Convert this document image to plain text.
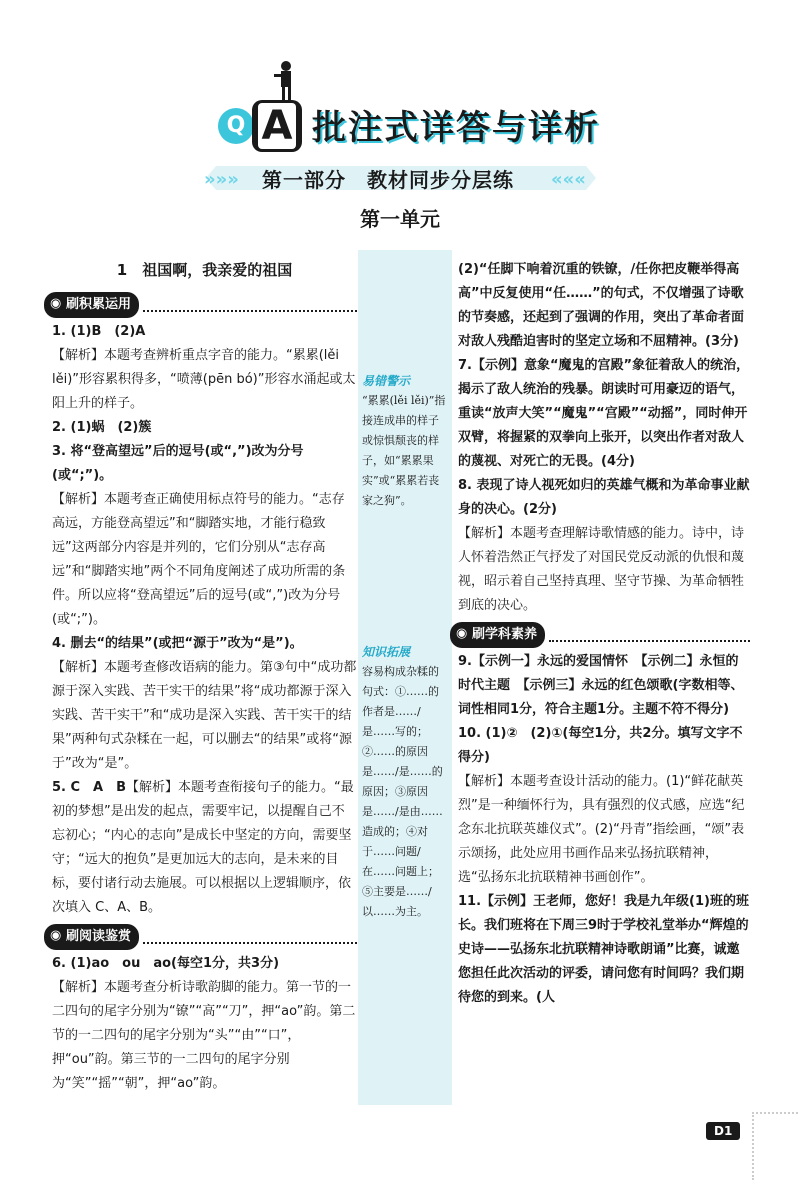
Q A 批注式详答与详析
»»»	«««
第一部分　教材同步分层练
第一单元

1　祖国啊，我亲爱的祖国

◉ 刷积累运用

1. (1)B　(2)A

【解析】本题考查辨析重点字音的能力。“累累(lěi lěi)”形容累积得多，“喷薄(pēn bó)”形容水涌起或太阳上升的样子。

2. (1)蜗　(2)簇

3. 将“登高望远”后的逗号(或“,”)改为分号(或“;”)。

【解析】本题考查正确使用标点符号的能力。“志存高远，方能登高望远”和“脚踏实地，才能行稳致远”这两部分内容是并列的，它们分别从“志存高远”和“脚踏实地”两个不同角度阐述了成功所需的条件。所以应将“登高望远”后的逗号(或“,”)改为分号(或“;”)。

4. 删去“的结果”(或把“源于”改为“是”)。

【解析】本题考查修改语病的能力。第③句中“成功都源于深入实践、苦干实干的结果”将“成功都源于深入实践、苦干实干”和“成功是深入实践、苦干实干的结果”两种句式杂糅在一起，可以删去“的结果”或将“源于”改为“是”。

5. C　A　B【解析】本题考查衔接句子的能力。“最初的梦想”是出发的起点，需要牢记，以提醒自己不忘初心；“内心的志向”是成长中坚定的方向，需要坚守；“远大的抱负”是更加远大的志向，是未来的目标，要付诸行动去施展。可以根据以上逻辑顺序，依次填入 C、A、B。

◉ 刷阅读鉴赏

6. (1)ao　ou　ao(每空1分，共3分)

【解析】本题考查分析诗歌韵脚的能力。第一节的一二四句的尾字分别为“镣”“高”“刀”，押“ao”韵。第二节的一二四句的尾字分别为“头”“由”“口”，押“ou”韵。第三节的一二四句的尾字分别为“笑”“摇”“朝”，押“ao”韵。

易错警示
“累累(lěi lěi)”指接连成串的样子或惊惧颓丧的样子，如“累累果实”或“累累若丧家之狗”。
知识拓展
容易构成杂糅的句式：①……的作者是……/是……写的；②……的原因是……/是……的原因；③原因是……/是由……造成的；④对于……问题/在……问题上；⑤主要是……/以……为主。

(2)“任脚下响着沉重的铁镣，/任你把皮鞭举得高高”中反复使用“任……”的句式，不仅增强了诗歌的节奏感，还起到了强调的作用，突出了革命者面对敌人残酷迫害时的坚定立场和不屈精神。(3分)

7.【示例】意象“魔鬼的宫殿”象征着敌人的统治，揭示了敌人统治的残暴。朗读时可用豪迈的语气，重读“放声大笑”“魔鬼”“宫殿”“动摇”，同时伸开双臂，将握紧的双拳向上张开，以突出作者对敌人的蔑视、对死亡的无畏。(4分)

8. 表现了诗人视死如归的英雄气概和为革命事业献身的决心。(2分)

【解析】本题考查理解诗歌情感的能力。诗中，诗人怀着浩然正气抒发了对国民党反动派的仇恨和蔑视，昭示着自己坚持真理、坚守节操、为革命牺牲到底的决心。

◉ 刷学科素养

9.【示例一】永远的爱国情怀　【示例二】永恒的时代主题　【示例三】永远的红色颂歌(字数相等、词性相同1分，符合主题1分。主题不符不得分)

10. (1)②　(2)①(每空1分，共2分。填写文字不得分)

【解析】本题考查设计活动的能力。(1)“鲜花献英烈”是一种缅怀行为，具有强烈的仪式感，应选“纪念东北抗联英雄仪式”。(2)“丹青”指绘画，“颂”表示颂扬，此处应用书画作品来弘扬抗联精神，选“弘扬东北抗联精神书画创作”。

11.【示例】王老师，您好！我是九年级(1)班的班长。我们班将在下周三9时于学校礼堂举办“辉煌的史诗——弘扬东北抗联精神诗歌朗诵”比赛，诚邀您担任此次活动的评委，请问您有时间吗？我们期待您的到来。(人

D1
